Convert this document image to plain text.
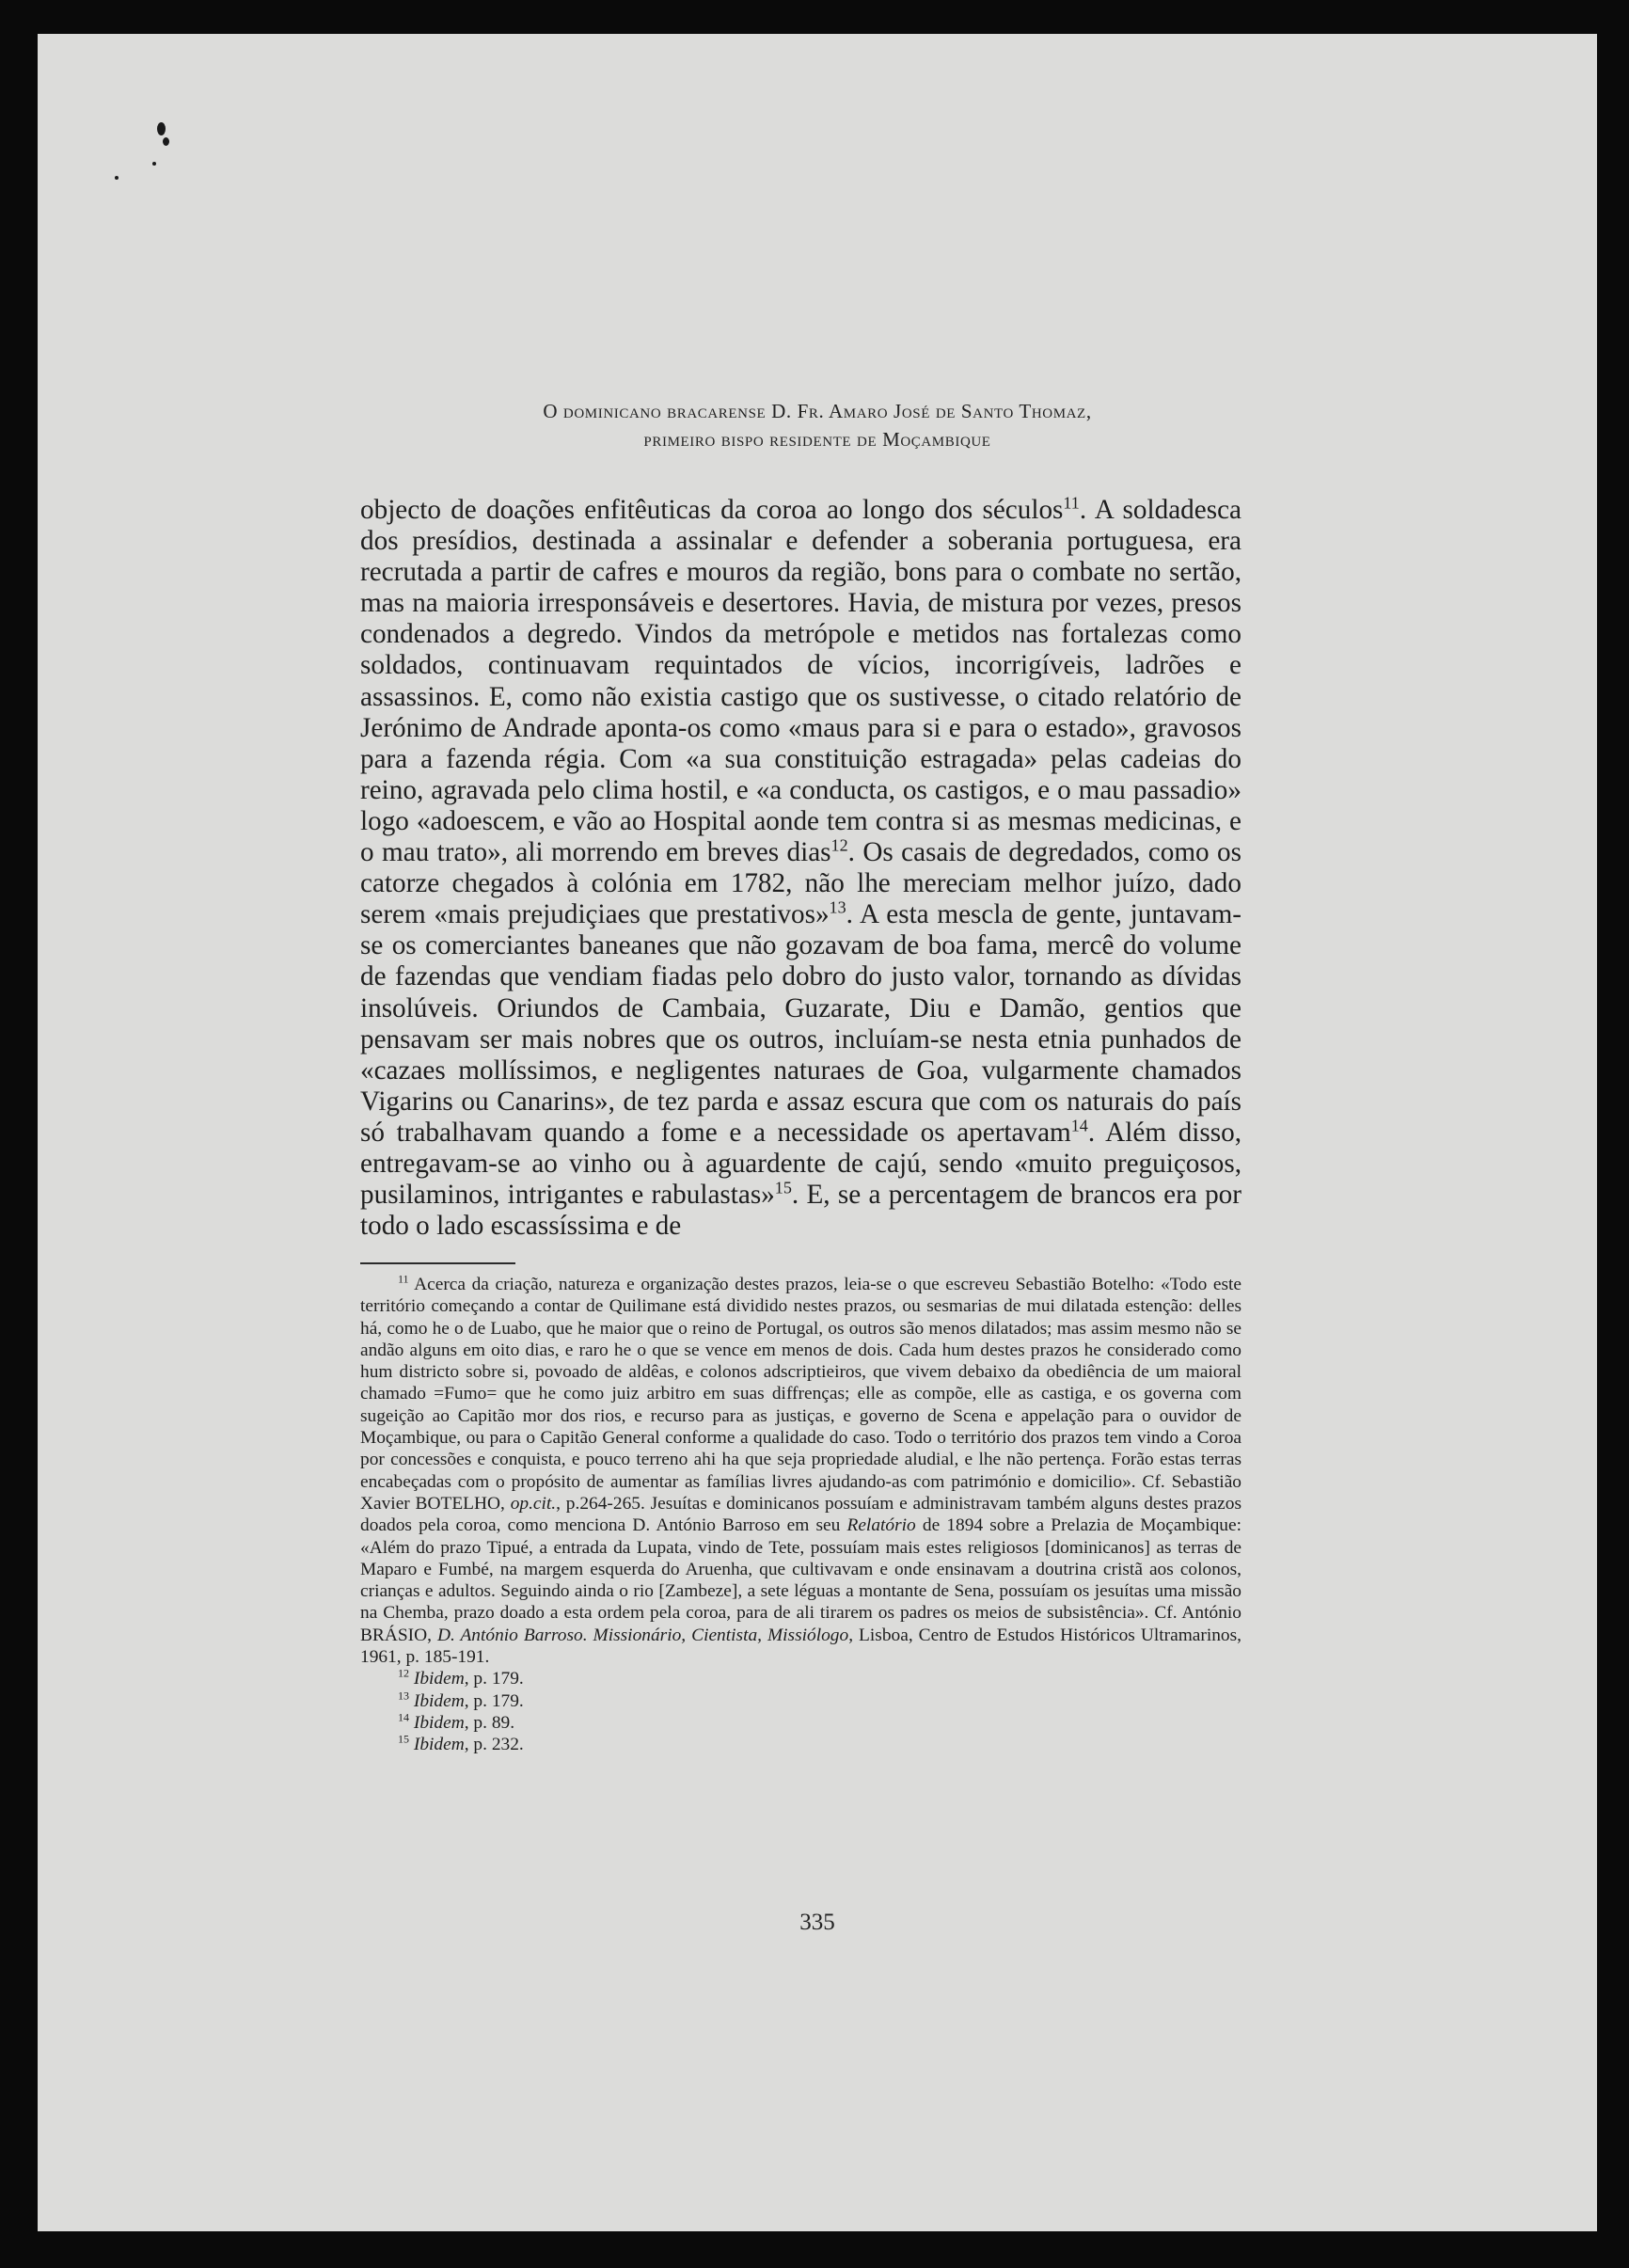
O dominicano bracarense D. Fr. Amaro José de Santo Thomaz,
primeiro bispo residente de Moçambique
objecto de doações enfitêuticas da coroa ao longo dos séculos$^{11}$. A soldadesca dos presídios, destinada a assinalar e defender a soberania portuguesa, era recrutada a partir de cafres e mouros da região, bons para o combate no sertão, mas na maioria irresponsáveis e desertores. Havia, de mistura por vezes, presos condenados a degredo. Vindos da metrópole e metidos nas fortalezas como soldados, continuavam requintados de vícios, incorrigíveis, ladrões e assassinos. E, como não existia castigo que os sustivesse, o citado relatório de Jerónimo de Andrade aponta-os como «maus para si e para o estado», gravosos para a fazenda régia. Com «a sua constituição estragada» pelas cadeias do reino, agravada pelo clima hostil, e «a conducta, os castigos, e o mau passadio» logo «adoescem, e vão ao Hospital aonde tem contra si as mesmas medicinas, e o mau trato», ali morrendo em breves dias$^{12}$. Os casais de degredados, como os catorze chegados à colónia em 1782, não lhe mereciam melhor juízo, dado serem «mais prejudiçiaes que prestativos»$^{13}$. A esta mescla de gente, juntavam-se os comerciantes baneanes que não gozavam de boa fama, mercê do volume de fazendas que vendiam fiadas pelo dobro do justo valor, tornando as dívidas insolúveis. Oriundos de Cambaia, Guzarate, Diu e Damão, gentios que pensavam ser mais nobres que os outros, incluíam-se nesta etnia punhados de «cazaes mollíssimos, e negligentes naturaes de Goa, vulgarmente chamados Vigarins ou Canarins», de tez parda e assaz escura que com os naturais do país só trabalhavam quando a fome e a necessidade os apertavam$^{14}$. Além disso, entregavam-se ao vinho ou à aguardente de cajú, sendo «muito preguiçosos, pusilaminos, intrigantes e rabulastas»$^{15}$. E, se a percentagem de brancos era por todo o lado escassíssima e de

$^{11}$ Acerca da criação, natureza e organização destes prazos, leia-se o que escreveu Sebastião Botelho: «Todo este território começando a contar de Quilimane está dividido nestes prazos, ou sesmarias de mui dilatada estenção: delles há, como he o de Luabo, que he maior que o reino de Portugal, os outros são menos dilatados; mas assim mesmo não se andão alguns em oito dias, e raro he o que se vence em menos de dois. Cada hum destes prazos he considerado como hum districto sobre si, povoado de aldêas, e colonos adscriptieiros, que vivem debaixo da obediência de um maioral chamado =Fumo= que he como juiz arbitro em suas diffrenças; elle as compõe, elle as castiga, e os governa com sugeição ao Capitão mor dos rios, e recurso para as justiças, e governo de Scena e appelação para o ouvidor de Moçambique, ou para o Capitão General conforme a qualidade do caso. Todo o território dos prazos tem vindo a Coroa por concessões e conquista, e pouco terreno ahi ha que seja propriedade aludial, e lhe não pertença. Forão estas terras encabeçadas com o propósito de aumentar as famílias livres ajudando-as com património e domicilio». Cf. Sebastião Xavier BOTELHO, op.cit., p.264-265. Jesuítas e dominicanos possuíam e administravam também alguns destes prazos doados pela coroa, como menciona D. António Barroso em seu Relatório de 1894 sobre a Prelazia de Moçambique: «Além do prazo Tipué, a entrada da Lupata, vindo de Tete, possuíam mais estes religiosos [dominicanos] as terras de Maparo e Fumbé, na margem esquerda do Aruenha, que cultivavam e onde ensinavam a doutrina cristã aos colonos, crianças e adultos. Seguindo ainda o rio [Zambeze], a sete léguas a montante de Sena, possuíam os jesuítas uma missão na Chemba, prazo doado a esta ordem pela coroa, para de ali tirarem os padres os meios de subsistência». Cf. António BRÁSIO, D. António Barroso. Missionário, Cientista, Missiólogo, Lisboa, Centro de Estudos Históricos Ultramarinos, 1961, p. 185-191.

$^{12}$ Ibidem, p. 179.

$^{13}$ Ibidem, p. 179.

$^{14}$ Ibidem, p. 89.

$^{15}$ Ibidem, p. 232.

335
